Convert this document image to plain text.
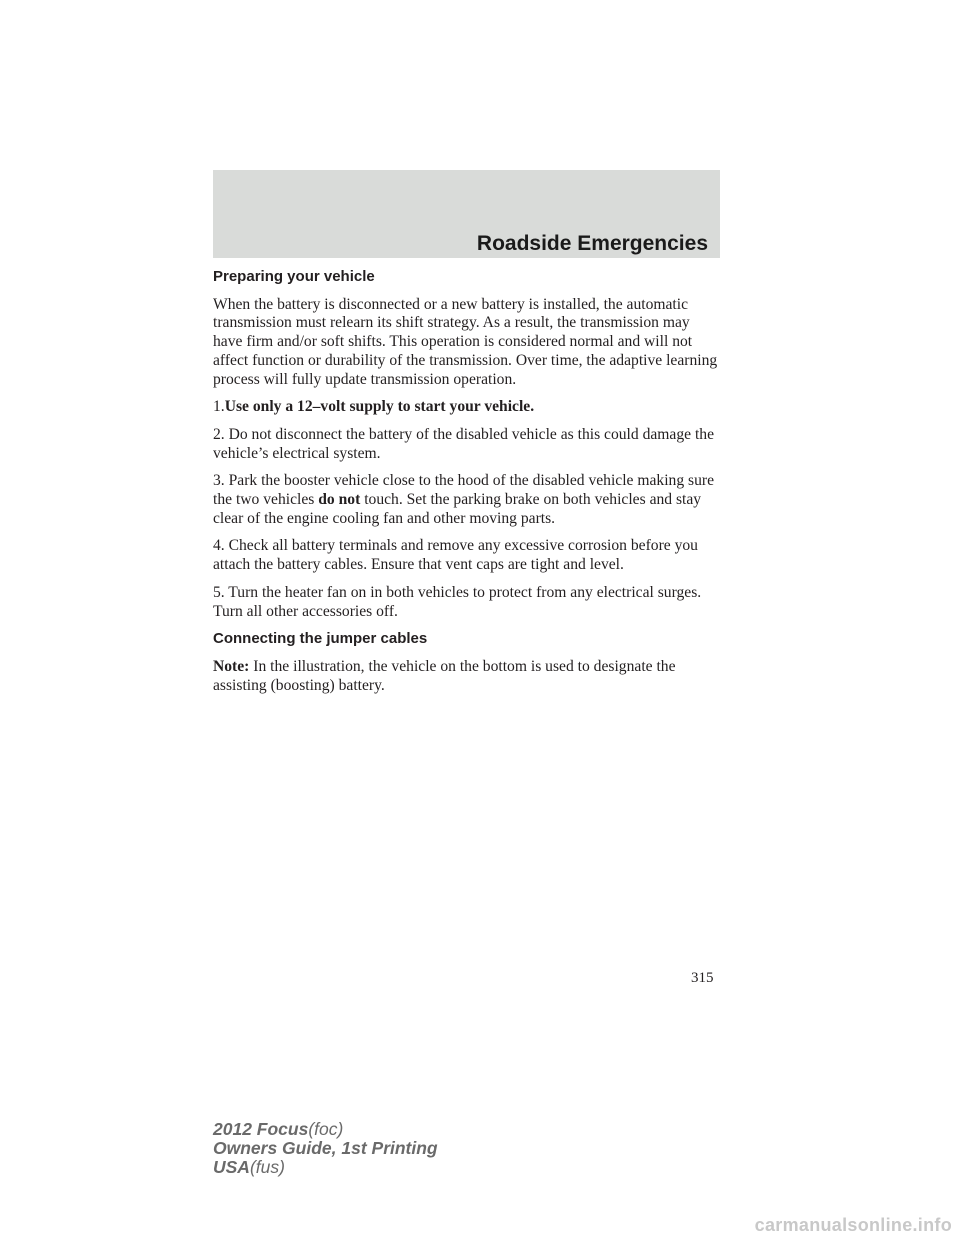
Roadside Emergencies

Preparing your vehicle

When the battery is disconnected or a new battery is installed, the automatic transmission must relearn its shift strategy. As a result, the transmission may have firm and/or soft shifts. This operation is considered normal and will not affect function or durability of the transmission. Over time, the adaptive learning process will fully update transmission operation.

1.Use only a 12–volt supply to start your vehicle.

2. Do not disconnect the battery of the disabled vehicle as this could damage the vehicle’s electrical system.

3. Park the booster vehicle close to the hood of the disabled vehicle making sure the two vehicles do not touch. Set the parking brake on both vehicles and stay clear of the engine cooling fan and other moving parts.

4. Check all battery terminals and remove any excessive corrosion before you attach the battery cables. Ensure that vent caps are tight and level.

5. Turn the heater fan on in both vehicles to protect from any electrical surges. Turn all other accessories off.

Connecting the jumper cables

Note: In the illustration, the vehicle on the bottom is used to designate the assisting (boosting) battery.

315
2012 Focus(foc)
Owners Guide, 1st Printing
USA(fus)
carmanualsonline.info
